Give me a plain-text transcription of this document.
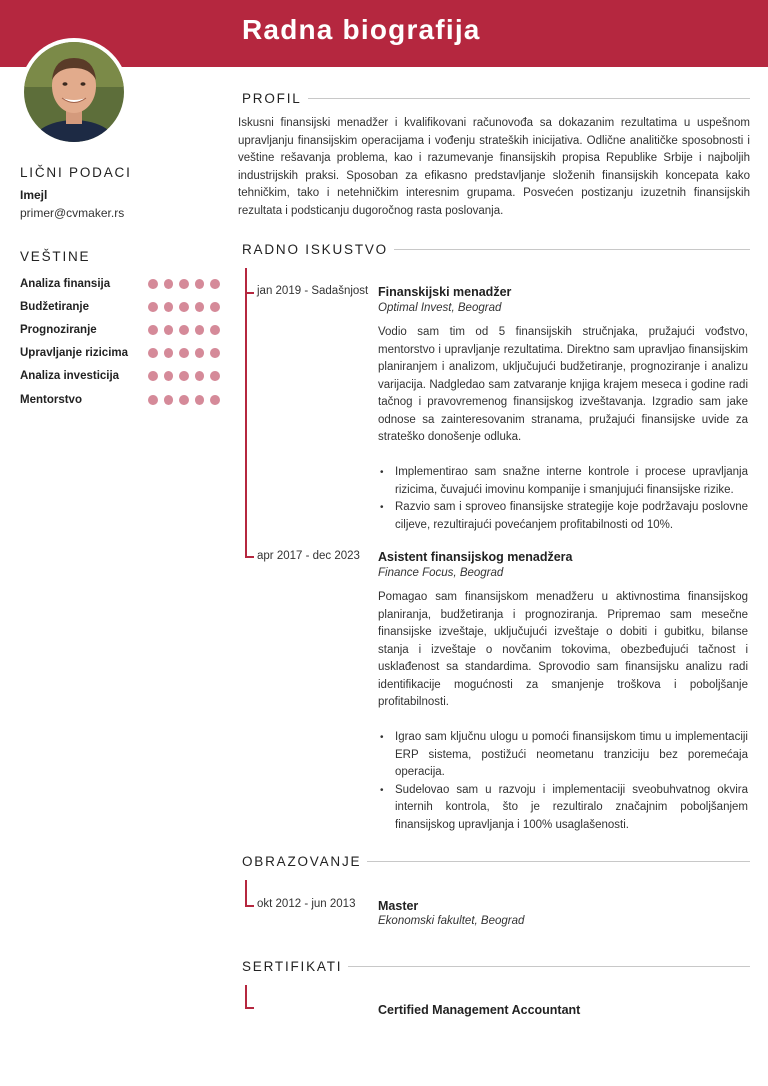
Radna biografija
LIČNI PODACI
Imejl
primer@cvmaker.rs
VEŠTINE
Analiza finansija
Budžetiranje
Prognoziranje
Upravljanje rizicima
Analiza investicija
Mentorstvo
PROFIL
Iskusni finansijski menadžer i kvalifikovani računovođa sa dokazanim rezultatima u uspešnom upravljanju finansijskim operacijama i vođenju strateških inicijativa. Odlične analitičke sposobnosti i veštine rešavanja problema, kao i razumevanje finansijskih propisa Republike Srbije i najboljih industrijskih praksi. Sposoban za efikasno predstavljanje složenih finansijskih koncepata kako tehničkim, tako i netehničkim interesnim grupama. Posvećen postizanju izuzetnih finansijskih rezultata i podsticanju dugoročnog rasta poslovanja.
RADNO ISKUSTVO
jan 2019 - Sadašnjost Finanskijski menadžer
Optimal Invest, Beograd
Vodio sam tim od 5 finansijskih stručnjaka, pružajući vođstvo, mentorstvo i upravljanje rezultatima. Direktno sam upravljao finansijskim planiranjem i analizom, uključujući budžetiranje, prognoziranje i analizu varijacija. Nadgledao sam zatvaranje knjiga krajem meseca i godine radi tačnog i pravovremenog finansijskog izveštavanja. Izgradio sam jake odnose sa zainteresovanim stranama, pružajući finansijske uvide za strateško donošenje odluka.
• Implementirao sam snažne interne kontrole i procese upravljanja rizicima, čuvajući imovinu kompanije i smanjujući finansijske rizike.
• Razvio sam i sproveo finansijske strategije koje podržavaju poslovne ciljeve, rezultirajući povećanjem profitabilnosti od 10%.
apr 2017 - dec 2023 Asistent finansijskog menadžera
Finance Focus, Beograd
Pomagao sam finansijskom menadžeru u aktivnostima finansijskog planiranja, budžetiranja i prognoziranja. Pripremao sam mesečne finansijske izveštaje, uključujući izveštaje o dobiti i gubitku, bilanse stanja i izveštaje o novčanim tokovima, obezbeđujući tačnost i usklađenost sa standardima. Sprovodio sam finansijsku analizu radi identifikacije mogućnosti za smanjenje troškova i poboljšanje profitabilnosti.
• Igrao sam ključnu ulogu u pomoći finansijskom timu u implementaciji ERP sistema, postižući neometanu tranziciju bez poremećaja operacija.
• Sudelovao sam u razvoju i implementaciji sveobuhvatnog okvira internih kontrola, što je rezultiralo značajnim poboljšanjem finansijskog upravljanja i 100% usaglašenosti.
OBRAZOVANJE
okt 2012 - jun 2013 Master
Ekonomski fakultet, Beograd
SERTIFIKATI
Certified Management Accountant
